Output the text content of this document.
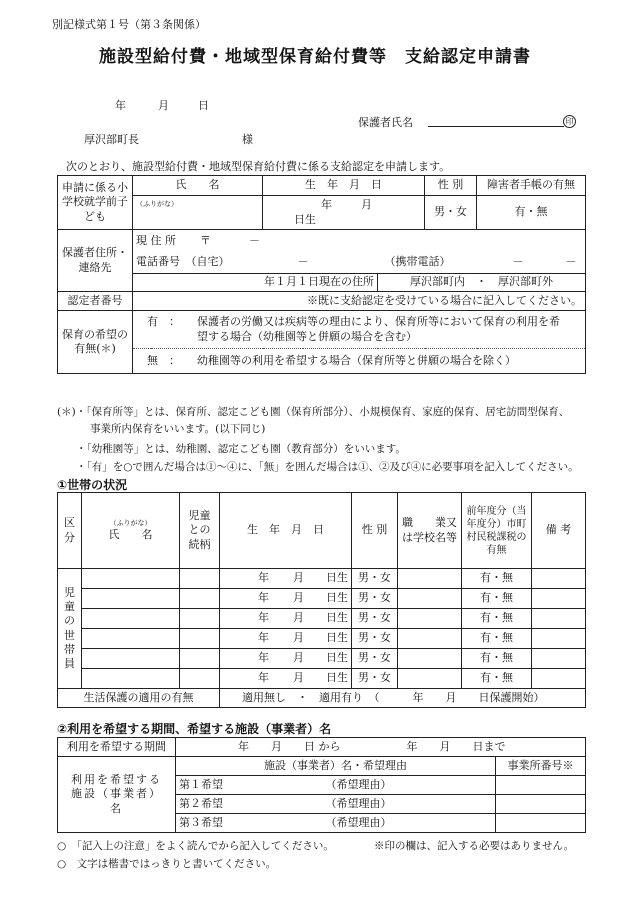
別記様式第１号（第３条関係）
施設型給付費・地域型保育給付費等　支給認定申請書
年	月	日
保護者氏名	印
厚沢部町長	様
次のとおり、施設型給付費・地域型保育給付費に係る支給認定を申請します。
申請に係る小学校就学前子ども	氏　　名	生　年　月　日		性 別	障害者手帳の有無
	（ふりがな）	年 月日生		男・女	有・無
保護者住所・連絡先	現 住 所 〒 －				
	電話番号　（自宅） － （携帯電話） － －				
	年１月１日現在の住所		厚沢部町内　・　厚沢部町外		
認定者番号	※既に支給認定を受けている場合に記入してください。				
保育の希望の有無(＊)	有　： 保護者の労働又は疾病等の理由により、保育所等において保育の利用を希
望する場合（幼稚園等と併願の場合を含む）				

	無　： 幼稚園等の利用を希望する場合（保育所等と併願の場合を除く）				
(＊)・「保育所等」とは、保育所、認定こども園（保育所部分）、小規模保育、家庭的保育、居宅訪問型保育、
事業所内保育をいいます。(以下同じ)
・「幼稚園等」とは、幼稚園、認定こども園（教育部分）をいいます。
・「有」を○で囲んだ場合は①～④に、「無」を囲んだ場合は①、②及び④に必要事項を記入してください。
①世帯の状況
区分	（ふりがな）
氏　　名	児童との続柄	生　年　月　日	性 別	職　　業又は学校名等	前年度分（当年度分）市町村民税課税の有無	備 考
児童の世帯員			年 月 日生	男・女		有・無	
			年 月 日生	男・女		有・無	
			年 月 日生	男・女		有・無	
			年 月 日生	男・女		有・無	
			年 月 日生	男・女		有・無	
			年 月 日生	男・女		有・無	
生活保護の適用の有無			適用無し　・　適用有り　（　　　年　　月　　日保護開始）				
②利用を希望する期間、希望する施設（事業者）名
利用を希望する期間	年　　月　　日 から　　　　　　年　　月　　日まで		
利用を希望する施設（事業者）名	施設（事業者）名・希望理由		事業所番号※
	第１希望	（希望理由）	
	第２希望	（希望理由）	
	第３希望	（希望理由）	
○　「記入上の注意」をよく読んでから記入してください。	※印の欄は、記入する必要はありません。
○　文字は楷書ではっきりと書いてください。
